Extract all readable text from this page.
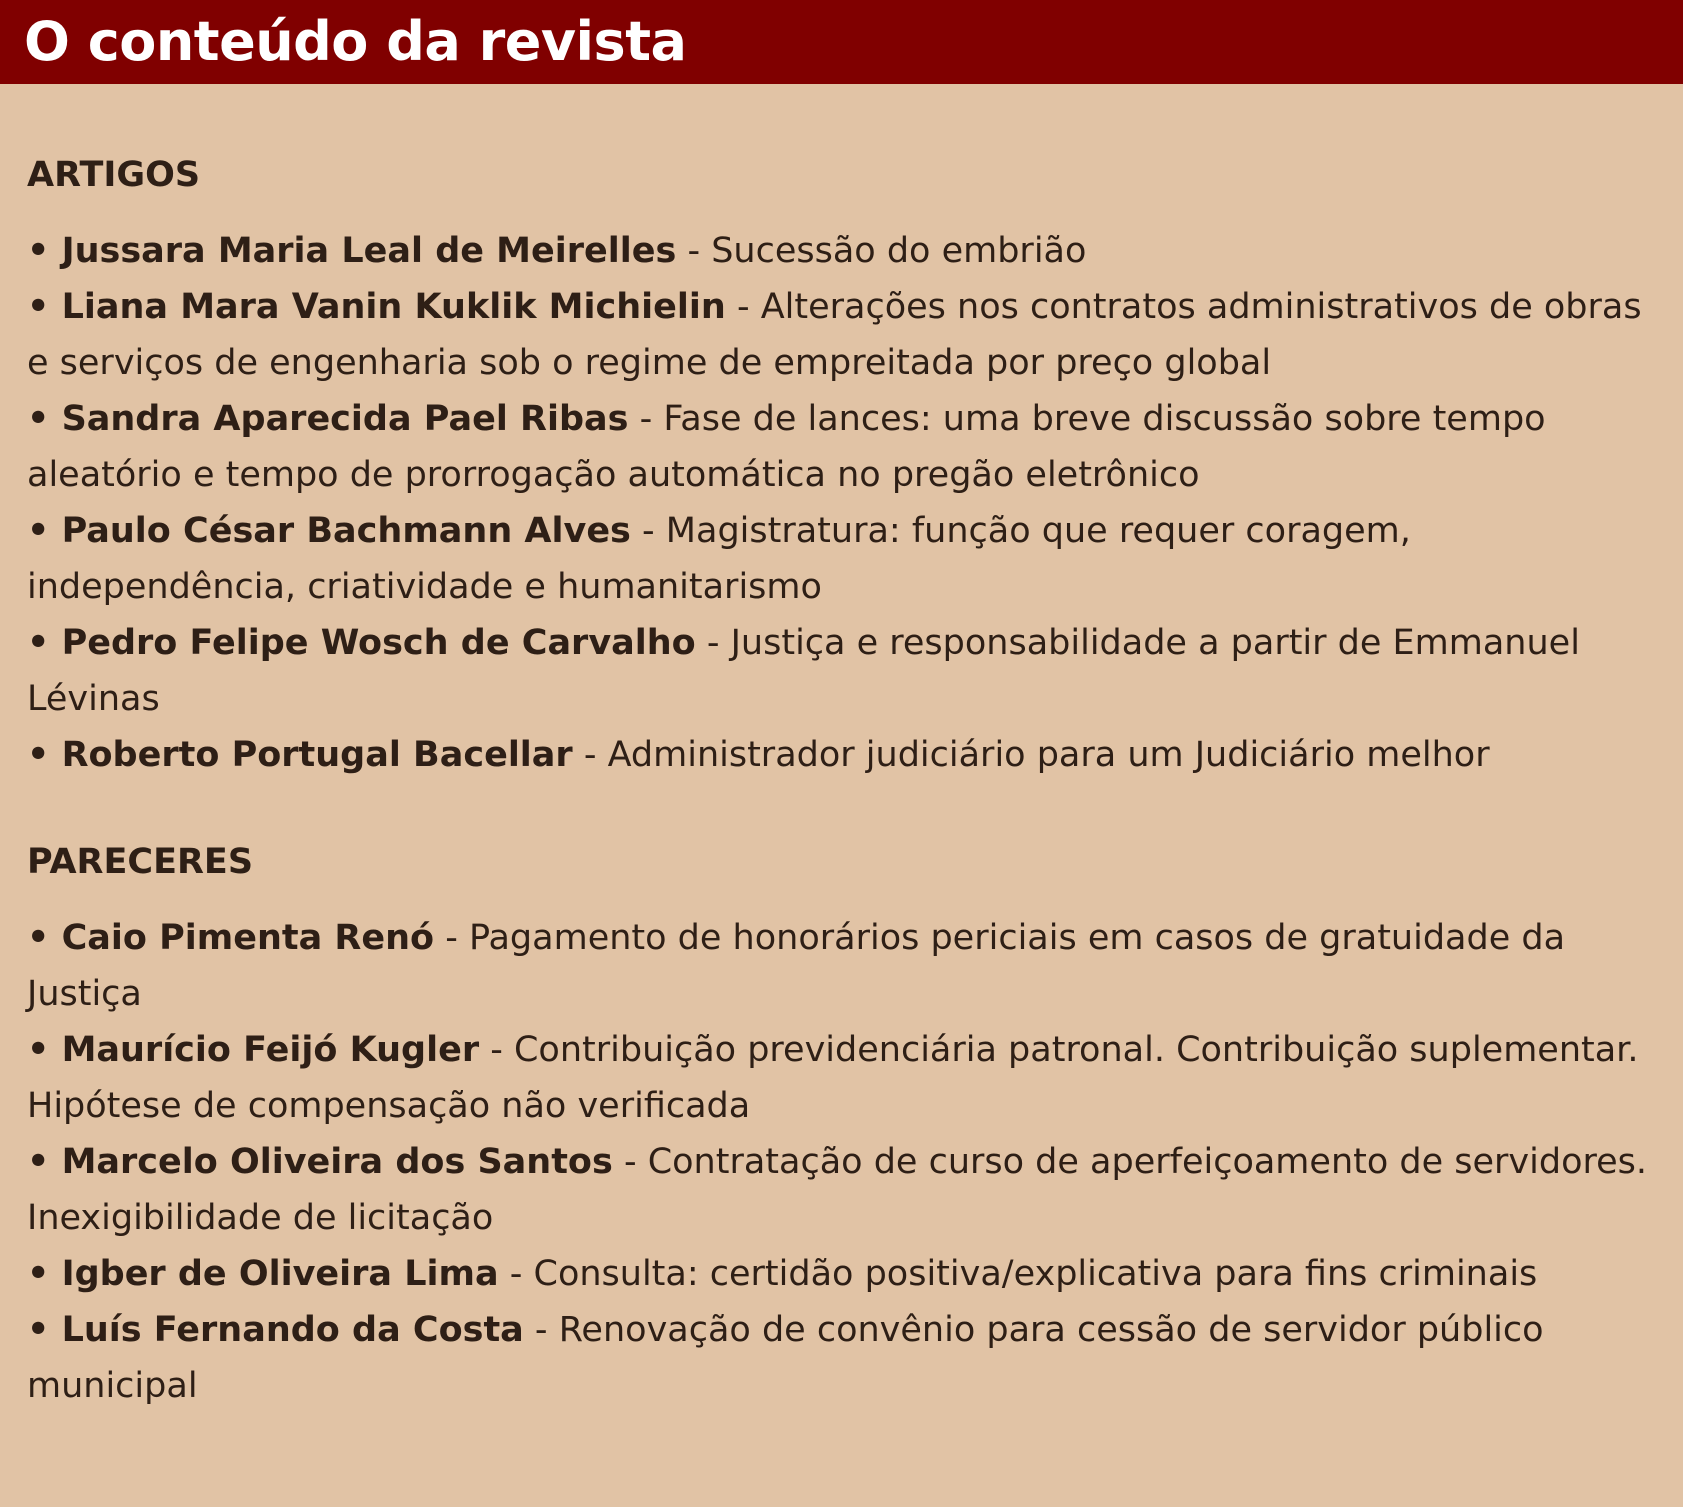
O conteúdo da revista
ARTIGOS
• Jussara Maria Leal de Meirelles - Sucessão do embrião
• Liana Mara Vanin Kuklik Michielin - Alterações nos contratos administrativos de obras e serviços de engenharia sob o regime de empreitada por preço global
• Sandra Aparecida Pael Ribas - Fase de lances: uma breve discussão sobre tempo aleatório e tempo de prorrogação automática no pregão eletrônico
• Paulo César Bachmann Alves - Magistratura: função que requer coragem, independência, criatividade e humanitarismo
• Pedro Felipe Wosch de Carvalho - Justiça e responsabilidade a partir de Emmanuel Lévinas
• Roberto Portugal Bacellar - Administrador judiciário para um Judiciário melhor
PARECERES
• Caio Pimenta Renó - Pagamento de honorários periciais em casos de gratuidade da Justiça
• Maurício Feijó Kugler - Contribuição previdenciária patronal. Contribuição suplementar. Hipótese de compensação não verificada
• Marcelo Oliveira dos Santos - Contratação de curso de aperfeiçoamento de servidores. Inexigibilidade de licitação
• Igber de Oliveira Lima - Consulta: certidão positiva/explicativa para fins criminais
• Luís Fernando da Costa - Renovação de convênio para cessão de servidor público municipal
